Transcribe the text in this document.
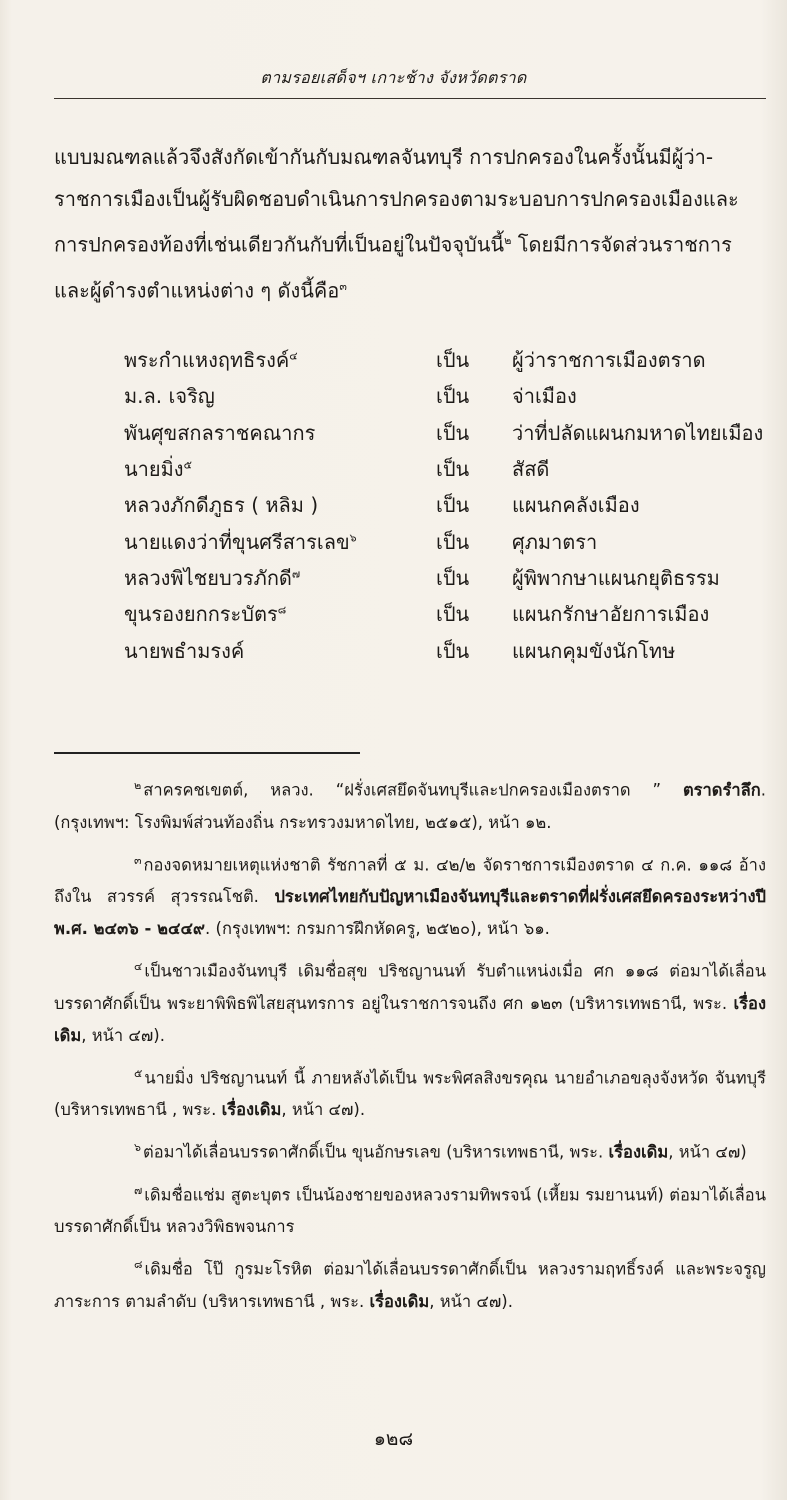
ตามรอยเสด็จฯ เกาะช้าง จังหวัดตราด

แบบมณฑลแล้วจึงสังกัดเข้ากันกับมณฑลจันทบุรี การปกครองในครั้งนั้นมีผู้ว่า-

ราชการเมืองเป็นผู้รับผิดชอบดำเนินการปกครองตามระบอบการปกครองเมืองและ

การปกครองท้องที่เช่นเดียวกันกับที่เป็นอยู่ในปัจจุบันนี้$^๒$ โดยมีการจัดส่วนราชการ

และผู้ดำรงตำแหน่งต่าง ๆ ดังนี้คือ$^๓$

พระกำแหงฤทธิรงค์$^๔$	เป็น	ผู้ว่าราชการเมืองตราด
ม.ล. เจริญ	เป็น	จ่าเมือง
พันศุขสกลราชคณากร	เป็น	ว่าที่ปลัดแผนกมหาดไทยเมือง
นายมิ่ง$^๕$	เป็น	สัสดี
หลวงภักดีภูธร ( หลิม )	เป็น	แผนกคลังเมือง
นายแดงว่าที่ขุนศรีสารเลข$^๖$	เป็น	ศุภมาตรา
หลวงพิไชยบวรภักดี$^๗$	เป็น	ผู้พิพากษาแผนกยุติธรรม
ขุนรองยกกระบัตร$^๘$	เป็น	แผนกรักษาอัยการเมือง
นายพธำมรงค์	เป็น	แผนกคุมขังนักโทษ

$^๒$ สาครคชเขตต์, หลวง. “ฝรั่งเศสยึดจันทบุรีและปกครองเมืองตราด ” ตราดรำลึก. (กรุงเทพฯ: โรงพิมพ์ส่วนท้องถิ่น กระทรวงมหาดไทย, ๒๕๑๕), หน้า ๑๒.

$^๓$ กองจดหมายเหตุแห่งชาติ รัชกาลที่ ๕ ม. ๔๒/๒ จัดราชการเมืองตราด ๔ ก.ค. ๑๑๘ อ้างถึงใน สวรรค์ สุวรรณโชติ. ประเทศไทยกับปัญหาเมืองจันทบุรีและตราดที่ฝรั่งเศสยึดครองระหว่างปี พ.ศ. ๒๔๓๖ - ๒๔๔๙. (กรุงเทพฯ: กรมการฝึกหัดครู, ๒๕๒๐), หน้า ๖๑.

$^๔$ เป็นชาวเมืองจันทบุรี เดิมชื่อสุข ปริชญานนท์ รับตำแหน่งเมื่อ ศก ๑๑๘ ต่อมาได้เลื่อนบรรดาศักดิ์เป็น พระยาพิพิธพิไสยสุนทรการ อยู่ในราชการจนถึง ศก ๑๒๓ (บริหารเทพธานี, พระ. เรื่องเดิม, หน้า ๔๗).

$^๕$ นายมิ่ง ปริชญานนท์ นี้ ภายหลังได้เป็น พระพิศลสิงขรคุณ นายอำเภอขลุงจังหวัด จันทบุรี (บริหารเทพธานี , พระ. เรื่องเดิม, หน้า ๔๗).

$^๖$ ต่อมาได้เลื่อนบรรดาศักดิ์เป็น ขุนอักษรเลข (บริหารเทพธานี, พระ. เรื่องเดิม, หน้า ๔๗)

$^๗$ เดิมชื่อแช่ม สูตะบุตร เป็นน้องชายของหลวงรามทิพรจน์ (เหี้ยม รมยานนท์) ต่อมาได้เลื่อนบรรดาศักดิ์เป็น หลวงวิพิธพจนการ

$^๘$ เดิมชื่อ โป๊ กูรมะโรหิต ต่อมาได้เลื่อนบรรดาศักดิ์เป็น หลวงรามฤทธิ์รงค์ และพระจรูญภาระการ ตามลำดับ (บริหารเทพธานี , พระ. เรื่องเดิม, หน้า ๔๗).

๑๒๘
